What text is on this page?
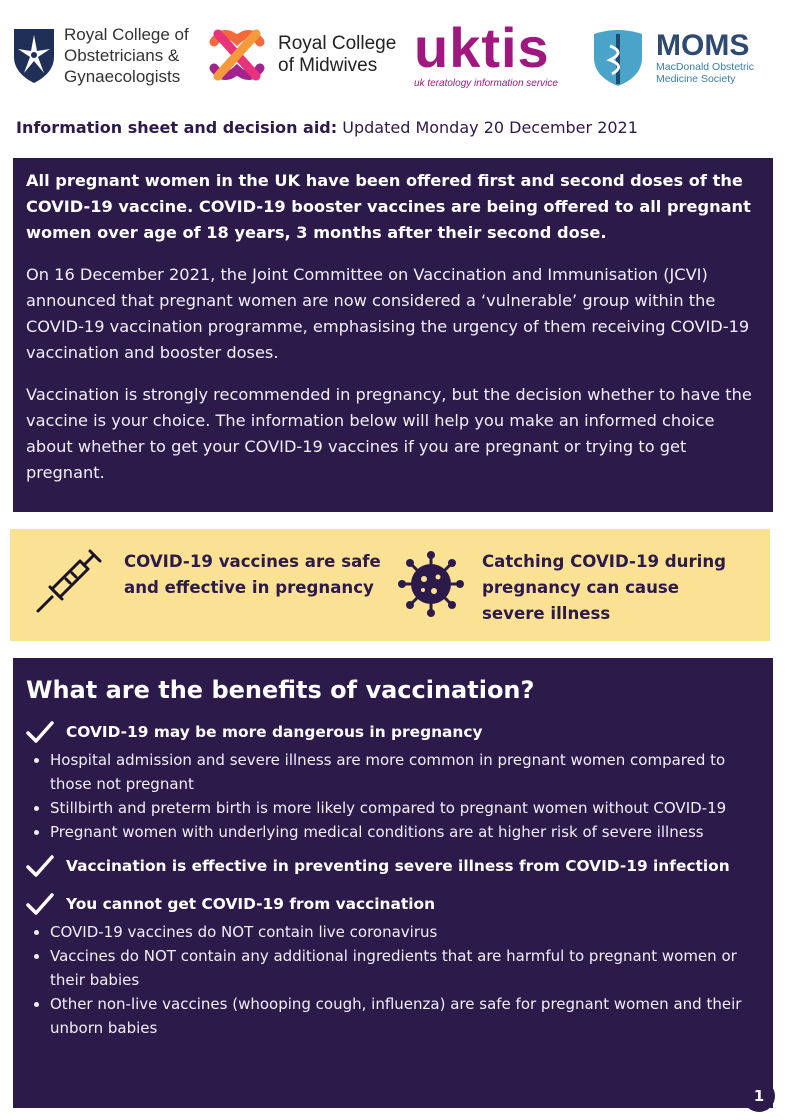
Royal College of
Obstetricians &
Gynaecologists
Royal College
of Midwives uktis
uk teratology information service
MOMS
MacDonald Obstetric
Medicine Society
Information sheet and decision aid: Updated Monday 20 December 2021

All pregnant women in the UK have been offered first and second doses of the COVID-19 vaccine. COVID-19 booster vaccines are being offered to all pregnant women over age of 18 years, 3 months after their second dose.

On 16 December 2021, the Joint Committee on Vaccination and Immunisation (JCVI) announced that pregnant women are now considered a ‘vulnerable’ group within the COVID-19 vaccination programme, emphasising the urgency of them receiving COVID-19 vaccination and booster doses.

Vaccination is strongly recommended in pregnancy, but the decision whether to have the vaccine is your choice. The information below will help you make an informed choice about whether to get your COVID-19 vaccines if you are pregnant or trying to get pregnant.

COVID-19 vaccines are safe and effective in pregnancy
Catching COVID-19 during pregnancy can cause severe illness
What are the benefits of vaccination?
COVID-19 may be more dangerous in pregnancy
• Hospital admission and severe illness are more common in pregnant women compared to those not pregnant
• Stillbirth and preterm birth is more likely compared to pregnant women without COVID-19
• Pregnant women with underlying medical conditions are at higher risk of severe illness
Vaccination is effective in preventing severe illness from COVID-19 infection
You cannot get COVID-19 from vaccination
• COVID-19 vaccines do NOT contain live coronavirus
• Vaccines do NOT contain any additional ingredients that are harmful to pregnant women or their babies
• Other non-live vaccines (whooping cough, influenza) are safe for pregnant women and their unborn babies
1
